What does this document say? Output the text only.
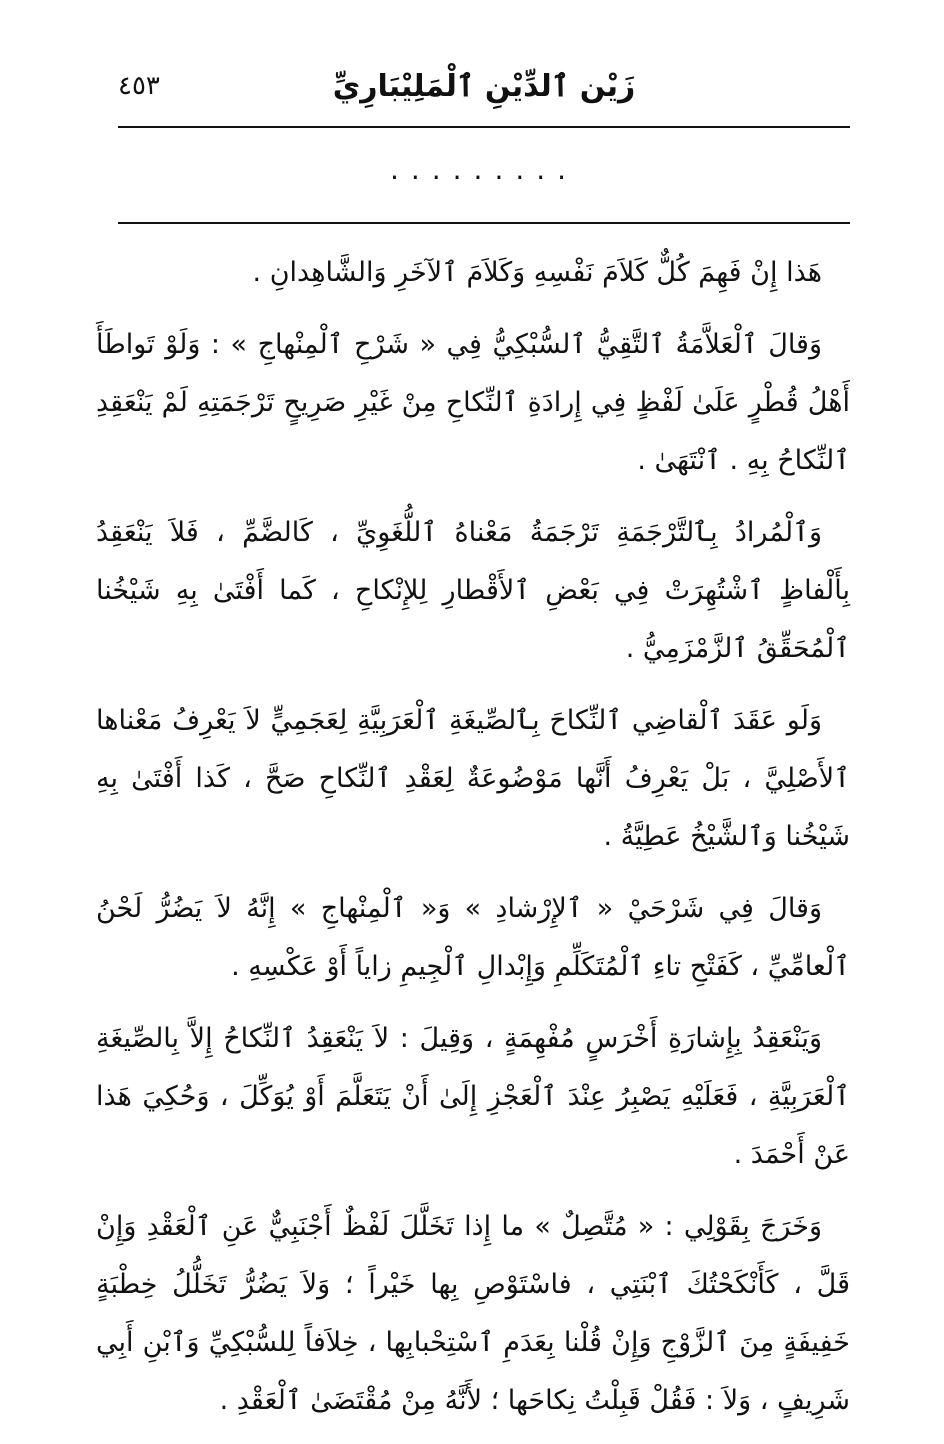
٤٥٣	زَيْن ٱلدِّيْنِ ٱلْمَلِيْبَارِيِّ
.........

هَذا إِنْ فَهِمَ كُلٌّ كَلاَمَ نَفْسِهِ وَكَلاَمَ ٱلآخَرِ وَالشَّاهِدانِ .

وَقالَ ٱلْعَلاَّمَةُ ٱلتَّقِيُّ ٱلسُّبْكِيُّ فِي « شَرْحِ ٱلْمِنْهاجِ » : وَلَوْ تَواطَأَ أَهْلُ قُطْرٍ عَلَىٰ لَفْظٍ فِي إِرادَةِ ٱلنِّكاحِ مِنْ غَيْرِ صَرِيحٍ تَرْجَمَتِهِ لَمْ يَنْعَقِدِ ٱلنِّكاحُ بِهِ . ٱنْتَهَىٰ .

وَٱلْمُرادُ بِٱلتَّرْجَمَةِ تَرْجَمَةُ مَعْناهُ ٱللُّغَوِيِّ ، كَالضَّمِّ ، فَلاَ يَنْعَقِدُ بِأَلْفاظٍ ٱشْتُهِرَتْ فِي بَعْضِ ٱلأَقْطارِ لِلإِنْكاحِ ، كَما أَفْتَىٰ بِهِ شَيْخُنا ٱلْمُحَقِّقُ ٱلزَّمْزَمِيُّ .

وَلَو عَقَدَ ٱلْقاضِي ٱلنِّكاحَ بِٱلصِّيغَةِ ٱلْعَرَبِيَّةِ لِعَجَمِيٍّ لاَ يَعْرِفُ مَعْناها ٱلأَصْلِيَّ ، بَلْ يَعْرِفُ أَنَّها مَوْضُوعَةٌ لِعَقْدِ ٱلنِّكاحِ صَحَّ ، كَذا أَفْتَىٰ بِهِ شَيْخُنا وَٱلشَّيْخُ عَطِيَّةُ .

وَقالَ فِي شَرْحَيْ « ٱلإِرْشادِ » وَ« ٱلْمِنْهاجِ » إِنَّهُ لاَ يَضُرُّ لَحْنُ ٱلْعامِّيِّ ، كَفَتْحِ تاءِ ٱلْمُتَكَلِّمِ وَإِبْدالِ ٱلْجِيمِ زاياً أَوْ عَكْسِهِ .

وَيَنْعَقِدُ بِإِشارَةِ أَخْرَسٍ مُفْهِمَةٍ ، وَقِيلَ : لاَ يَنْعَقِدُ ٱلنِّكاحُ إِلاَّ بِالصِّيغَةِ ٱلْعَرَبِيَّةِ ، فَعَلَيْهِ يَصْبِرُ عِنْدَ ٱلْعَجْزِ إِلَىٰ أَنْ يَتَعَلَّمَ أَوْ يُوَكِّلَ ، وَحُكِيَ هَذا عَنْ أَحْمَدَ .

وَخَرَجَ بِقَوْلِي : « مُتَّصِلٌ » ما إِذا تَخَلَّلَ لَفْظٌ أَجْنَبِيٌّ عَنِ ٱلْعَقْدِ وَإِنْ قَلَّ ، كَأَنْكَحْتُكَ ٱبْنَتِي ، فاسْتَوْصِ بِها خَيْراً ؛ وَلاَ يَضُرُّ تَخَلُّلُ خِطْبَةٍ خَفِيفَةٍ مِنَ ٱلزَّوْجِ وَإِنْ قُلْنا بِعَدَمِ ٱسْتِحْبابِها ، خِلاَفاً لِلسُّبْكِيِّ وَٱبْنِ أَبِي شَرِيفٍ ، وَلاَ : فَقُلْ قَبِلْتُ نِكاحَها ؛ لأَنَّهُ مِنْ مُقْتَضَىٰ ٱلْعَقْدِ .
